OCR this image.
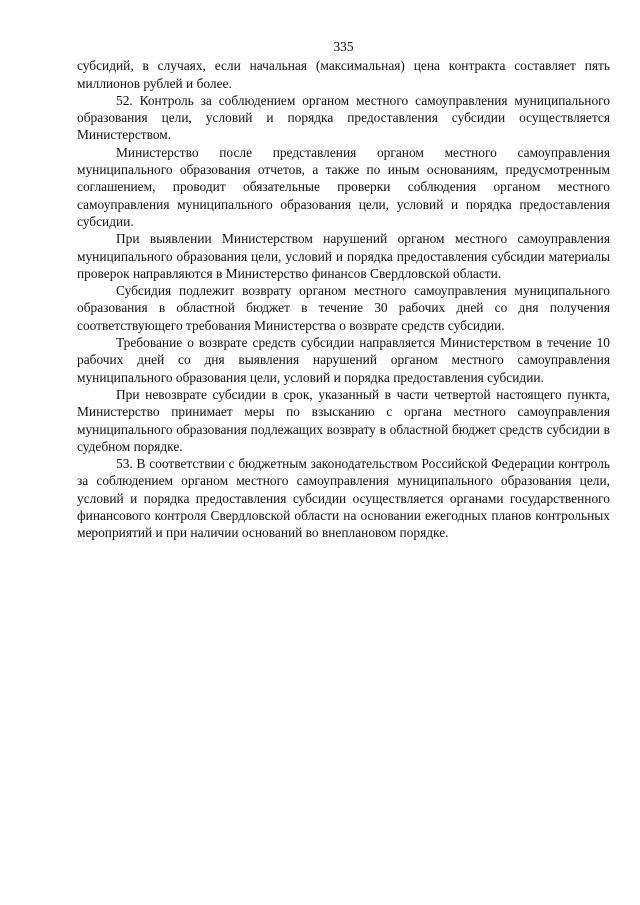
335

субсидий, в случаях, если начальная (максимальная) цена контракта составляет пять миллионов рублей и более.

52. Контроль за соблюдением органом местного самоуправления муниципального образования цели, условий и порядка предоставления субсидии осуществляется Министерством.

Министерство после представления органом местного самоуправления муниципального образования отчетов, а также по иным основаниям, предусмотренным соглашением, проводит обязательные проверки соблюдения органом местного самоуправления муниципального образования цели, условий и порядка предоставления субсидии.

При выявлении Министерством нарушений органом местного самоуправления муниципального образования цели, условий и порядка предоставления субсидии материалы проверок направляются в Министерство финансов Свердловской области.

Субсидия подлежит возврату органом местного самоуправления муниципального образования в областной бюджет в течение 30 рабочих дней со дня получения соответствующего требования Министерства о возврате средств субсидии.

Требование о возврате средств субсидии направляется Министерством в течение 10 рабочих дней со дня выявления нарушений органом местного самоуправления муниципального образования цели, условий и порядка предоставления субсидии.

При невозврате субсидии в срок, указанный в части четвертой настоящего пункта, Министерство принимает меры по взысканию с органа местного самоуправления муниципального образования подлежащих возврату в областной бюджет средств субсидии в судебном порядке.

53. В соответствии с бюджетным законодательством Российской Федерации контроль за соблюдением органом местного самоуправления муниципального образования цели, условий и порядка предоставления субсидии осуществляется органами государственного финансового контроля Свердловской области на основании ежегодных планов контрольных мероприятий и при наличии оснований во внеплановом порядке.
